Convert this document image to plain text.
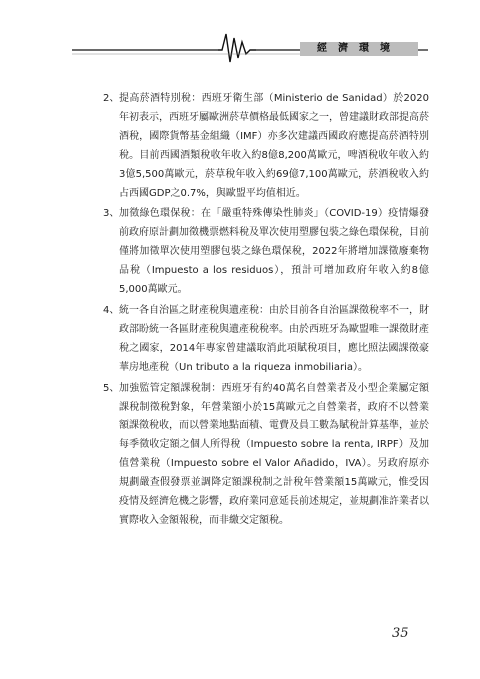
經濟環境
2、 提高菸酒特別稅：西班牙衛生部（Ministerio de Sanidad）於2020年初表示，西班牙屬歐洲菸草價格最低國家之一，曾建議財政部提高菸酒稅，國際貨幣基金組織（IMF）亦多次建議西國政府應提高菸酒特別稅。目前西國酒類稅收年收入約8億8,200萬歐元，啤酒稅收年收入約3億5,500萬歐元，菸草稅年收入約69億7,100萬歐元，菸酒稅收入約占西國GDP之0.7%，與歐盟平均值相近。
3、 加徵綠色環保稅：在「嚴重特殊傳染性肺炎」（COVID-19）疫情爆發前政府原計劃加徵機票燃料稅及單次使用塑膠包裝之綠色環保稅，目前僅將加徵單次使用塑膠包裝之綠色環保稅，2022年將增加課徵廢棄物品稅（Impuesto a los residuos），預計可增加政府年收入約8億5,000萬歐元。
4、 統一各自治區之財產稅與遺產稅：由於目前各自治區課徵稅率不一，財政部盼統一各區財產稅與遺產稅稅率。由於西班牙為歐盟唯一課徵財產稅之國家，2014年專家曾建議取消此項賦稅項目，應比照法國課徵豪華房地產稅（Un tributo a la riqueza inmobiliaria）。
5、 加強監管定額課稅制：西班牙有約40萬名自營業者及小型企業屬定額課稅制徵稅對象，年營業額小於15萬歐元之自營業者，政府不以營業額課徵稅收，而以營業地點面積、電費及員工數為賦稅計算基準，並於每季徵收定額之個人所得稅（Impuesto sobre la renta, IRPF）及加值營業稅（Impuesto sobre el Valor Añadido，IVA）。另政府原亦規劃嚴查假發票並調降定額課稅制之計稅年營業額15萬歐元，惟受因疫情及經濟危機之影響，政府業同意延長前述規定，並規劃准許業者以實際收入金額報稅，而非繳交定額稅。
35
